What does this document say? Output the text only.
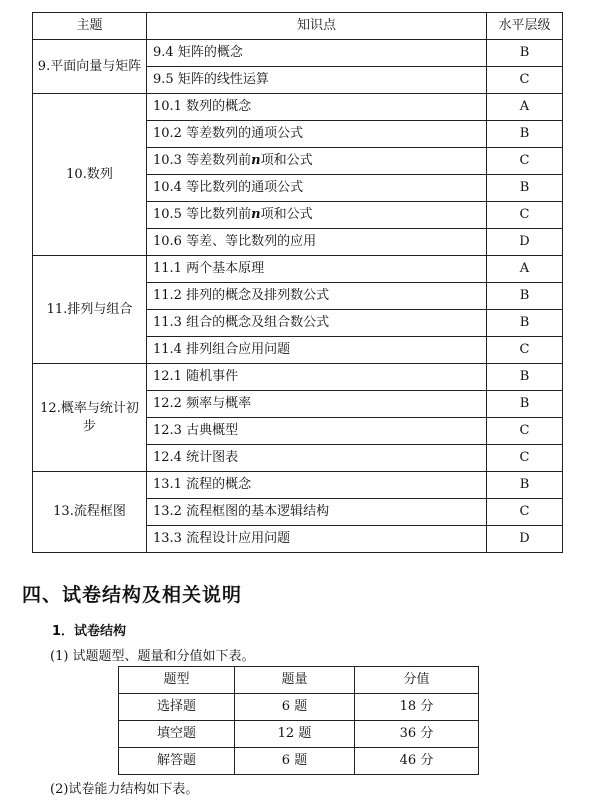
主题	知识点	水平层级
9.平面向量与矩阵	9.4 矩阵的概念	B
	9.5 矩阵的线性运算	C
10.数列	10.1 数列的概念	A
	10.2 等差数列的通项公式	B
	10.3 等差数列前n项和公式	C
	10.4 等比数列的通项公式	B
	10.5 等比数列前n项和公式	C
	10.6 等差、等比数列的应用	D
11.排列与组合	11.1 两个基本原理	A
	11.2 排列的概念及排列数公式	B
	11.3 组合的概念及组合数公式	B
	11.4 排列组合应用问题	C
12.概率与统计初步	12.1 随机事件	B
	12.2 频率与概率	B
	12.3 古典概型	C
	12.4 统计图表	C
13.流程框图	13.1 流程的概念	B
	13.2 流程框图的基本逻辑结构	C
	13.3 流程设计应用问题	D
四、试卷结构及相关说明
1．试卷结构
(1) 试题题型、题量和分值如下表。
题型	题量	分值
选择题	6 题	18 分
填空题	12 题	36 分
解答题	6 题	46 分
(2)试卷能力结构如下表。
